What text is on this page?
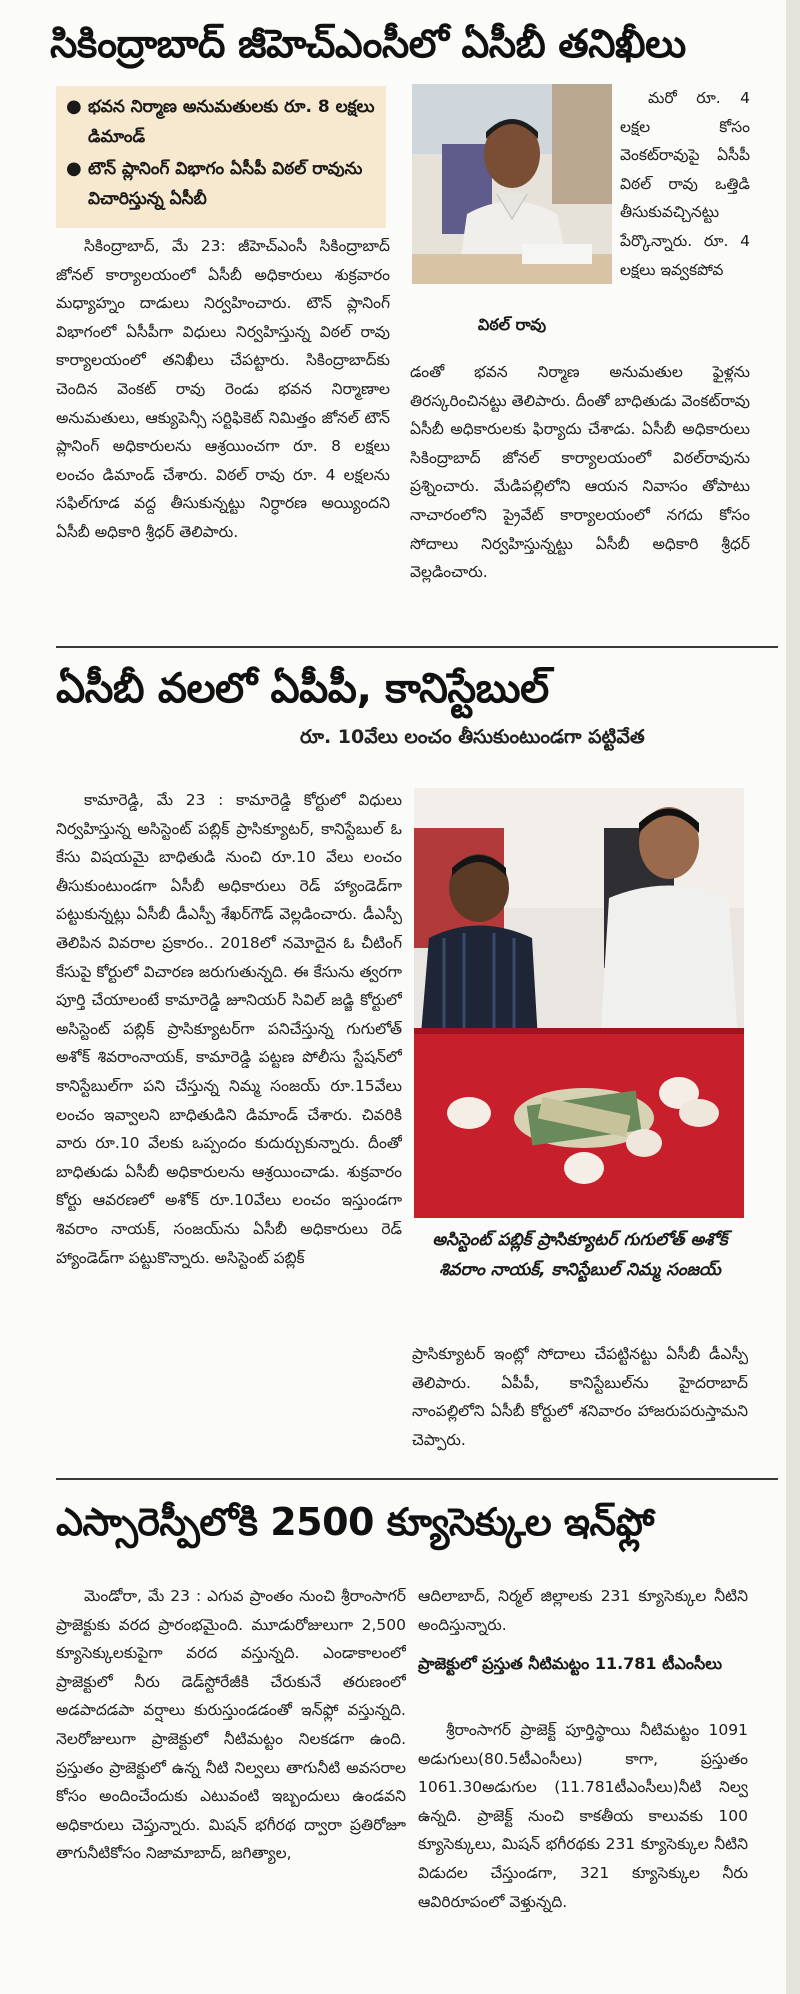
సికింద్రాబాద్ జీహెచ్ఎంసీలో ఏసీబీ తనిఖీలు
● భవన నిర్మాణ అనుమతులకు రూ. 8 లక్షలు డిమాండ్
● టౌన్ ప్లానింగ్ విభాగం ఏసీపీ విఠల్ రావును విచారిస్తున్న ఏసీబీ
విఠల్ రావు

సికింద్రాబాద్, మే 23: జీహెచ్ఎంసీ సికింద్రాబాద్ జోనల్ కార్యాలయంలో ఏసీబీ అధికారులు శుక్రవారం మధ్యాహ్నం దాడులు నిర్వహించారు. టౌన్ ప్లానింగ్ విభాగంలో ఏసీపీగా విధులు నిర్వహిస్తున్న విఠల్ రావు కార్యాలయంలో తనిఖీలు చేపట్టారు. సికింద్రాబాద్‌కు చెందిన వెంకట్ రావు రెండు భవన నిర్మాణాల అనుమతులు, ఆక్యుపెన్సీ సర్టిఫికెట్ నిమిత్తం జోనల్ టౌన్ ప్లానింగ్ అధికారులను ఆశ్రయించగా రూ. 8 లక్షలు లంచం డిమాండ్ చేశారు. విఠల్ రావు రూ. 4 లక్షలను సఫిల్‌గూడ వద్ద తీసుకున్నట్టు నిర్ధారణ అయ్యిందని ఏసీబీ అధికారి శ్రీధర్ తెలిపారు.

మరో రూ. 4 లక్షల కోసం వెంకట్‌రావుపై ఏసీపీ విఠల్ రావు ఒత్తిడి తీసుకువచ్చినట్టు పేర్కొన్నారు. రూ. 4 లక్షలు ఇవ్వకపోవ

డంతో భవన నిర్మాణ అనుమతుల ఫైళ్లను తిరస్కరించినట్టు తెలిపారు. దీంతో బాధితుడు వెంకట్‌రావు ఏసీబీ అధికారులకు ఫిర్యాదు చేశాడు. ఏసీబీ అధికారులు సికింద్రాబాద్ జోనల్ కార్యాలయంలో విఠల్‌రావును ప్రశ్నించారు. మేడిపల్లిలోని ఆయన నివాసం తోపాటు నాచారంలోని ప్రైవేట్ కార్యాలయంలో నగదు కోసం సోదాలు నిర్వహిస్తున్నట్టు ఏసీబీ అధికారి శ్రీధర్ వెల్లడించారు.

ఏసీబీ వలలో ఏపీపీ, కానిస్టేబుల్
రూ. 10వేలు లంచం తీసుకుంటుండగా పట్టివేత

కామారెడ్డి, మే 23 : కామారెడ్డి కోర్టులో విధులు నిర్వహిస్తున్న అసిస్టెంట్ పబ్లిక్ ప్రాసిక్యూటర్, కానిస్టేబుల్ ఓ కేసు విషయమై బాధితుడి నుంచి రూ.10 వేలు లంచం తీసుకుంటుండగా ఏసీబీ అధికారులు రెడ్ హ్యాండెడ్‌గా పట్టుకున్నట్లు ఏసీబీ డీఎస్పీ శేఖర్‌గౌడ్ వెల్లడించారు. డీఎస్పీ తెలిపిన వివరాల ప్రకారం.. 2018లో నమోదైన ఓ చీటింగ్ కేసుపై కోర్టులో విచారణ జరుగుతున్నది. ఈ కేసును త్వరగా పూర్తి చేయాలంటే కామారెడ్డి జూనియర్ సివిల్ జడ్జి కోర్టులో అసిస్టెంట్ పబ్లిక్ ప్రాసిక్యూటర్‌గా పనిచేస్తున్న గుగులోత్ అశోక్ శివరాంనాయక్, కామారెడ్డి పట్టణ పోలీసు స్టేషన్‌లో కానిస్టేబుల్‌గా పని చేస్తున్న నిమ్మ సంజయ్ రూ.15వేలు లంచం ఇవ్వాలని బాధితుడిని డిమాండ్ చేశారు. చివరికి వారు రూ.10 వేలకు ఒప్పందం కుదుర్చుకున్నారు. దీంతో బాధితుడు ఏసీబీ అధికారులను ఆశ్రయించాడు. శుక్రవారం కోర్టు ఆవరణలో అశోక్ రూ.10వేలు లంచం ఇస్తుండగా శివరాం నాయక్, సంజయ్‌ను ఏసీబీ అధికారులు రెడ్ హ్యాండెడ్‌గా పట్టుకొన్నారు. అసిస్టెంట్ పబ్లిక్

అసిస్టెంట్ పబ్లిక్ ప్రాసిక్యూటర్ గుగులోత్ అశోక్ శివరాం నాయక్, కానిస్టేబుల్ నిమ్మ సంజయ్

ప్రాసిక్యూటర్ ఇంట్లో సోదాలు చేపట్టినట్టు ఏసీబీ డీఎస్పీ తెలిపారు. ఏపీపీ, కానిస్టేబుల్‌ను హైదరాబాద్ నాంపల్లిలోని ఏసీబీ కోర్టులో శనివారం హాజరుపరుస్తామని చెప్పారు.

ఎస్సారెస్పీలోకి 2500 క్యూసెక్కుల ఇన్‌ఫ్లో

మెండోరా, మే 23 : ఎగువ ప్రాంతం నుంచి శ్రీరాంసాగర్ ప్రాజెక్టుకు వరద ప్రారంభమైంది. మూడురోజులుగా 2,500 క్యూసెక్కులకుపైగా వరద వస్తున్నది. ఎండాకాలంలో ప్రాజెక్టులో నీరు డెడ్‌స్టోరేజీకి చేరుకునే తరుణంలో అడపాదడపా వర్షాలు కురుస్తుండడంతో ఇన్‌ఫ్లో వస్తున్నది. నెలరోజులుగా ప్రాజెక్టులో నీటిమట్టం నిలకడగా ఉంది. ప్రస్తుతం ప్రాజెక్టులో ఉన్న నీటి నిల్వలు తాగునీటి అవసరాల కోసం అందించేందుకు ఎటువంటి ఇబ్బందులు ఉండవని అధికారులు చెప్తున్నారు. మిషన్ భగీరథ ద్వారా ప్రతిరోజూ తాగునీటికోసం నిజామాబాద్, జగిత్యాల,

ఆదిలాబాద్, నిర్మల్ జిల్లాలకు 231 క్యూసెక్కుల నీటిని అందిస్తున్నారు.

ప్రాజెక్టులో ప్రస్తుత నీటిమట్టం 11.781 టీఎంసీలు

శ్రీరాంసాగర్ ప్రాజెక్ట్ పూర్తిస్థాయి నీటిమట్టం 1091 అడుగులు(80.5టీఎంసీలు) కాగా, ప్రస్తుతం 1061.30అడుగుల (11.781టీఎంసీలు)నీటి నిల్వ ఉన్నది. ప్రాజెక్ట్ నుంచి కాకతీయ కాలువకు 100 క్యూసెక్కులు, మిషన్ భగీరథకు 231 క్యూసెక్కుల నీటిని విడుదల చేస్తుండగా, 321 క్యూసెక్కుల నీరు ఆవిరిరూపంలో వెళ్తున్నది.
